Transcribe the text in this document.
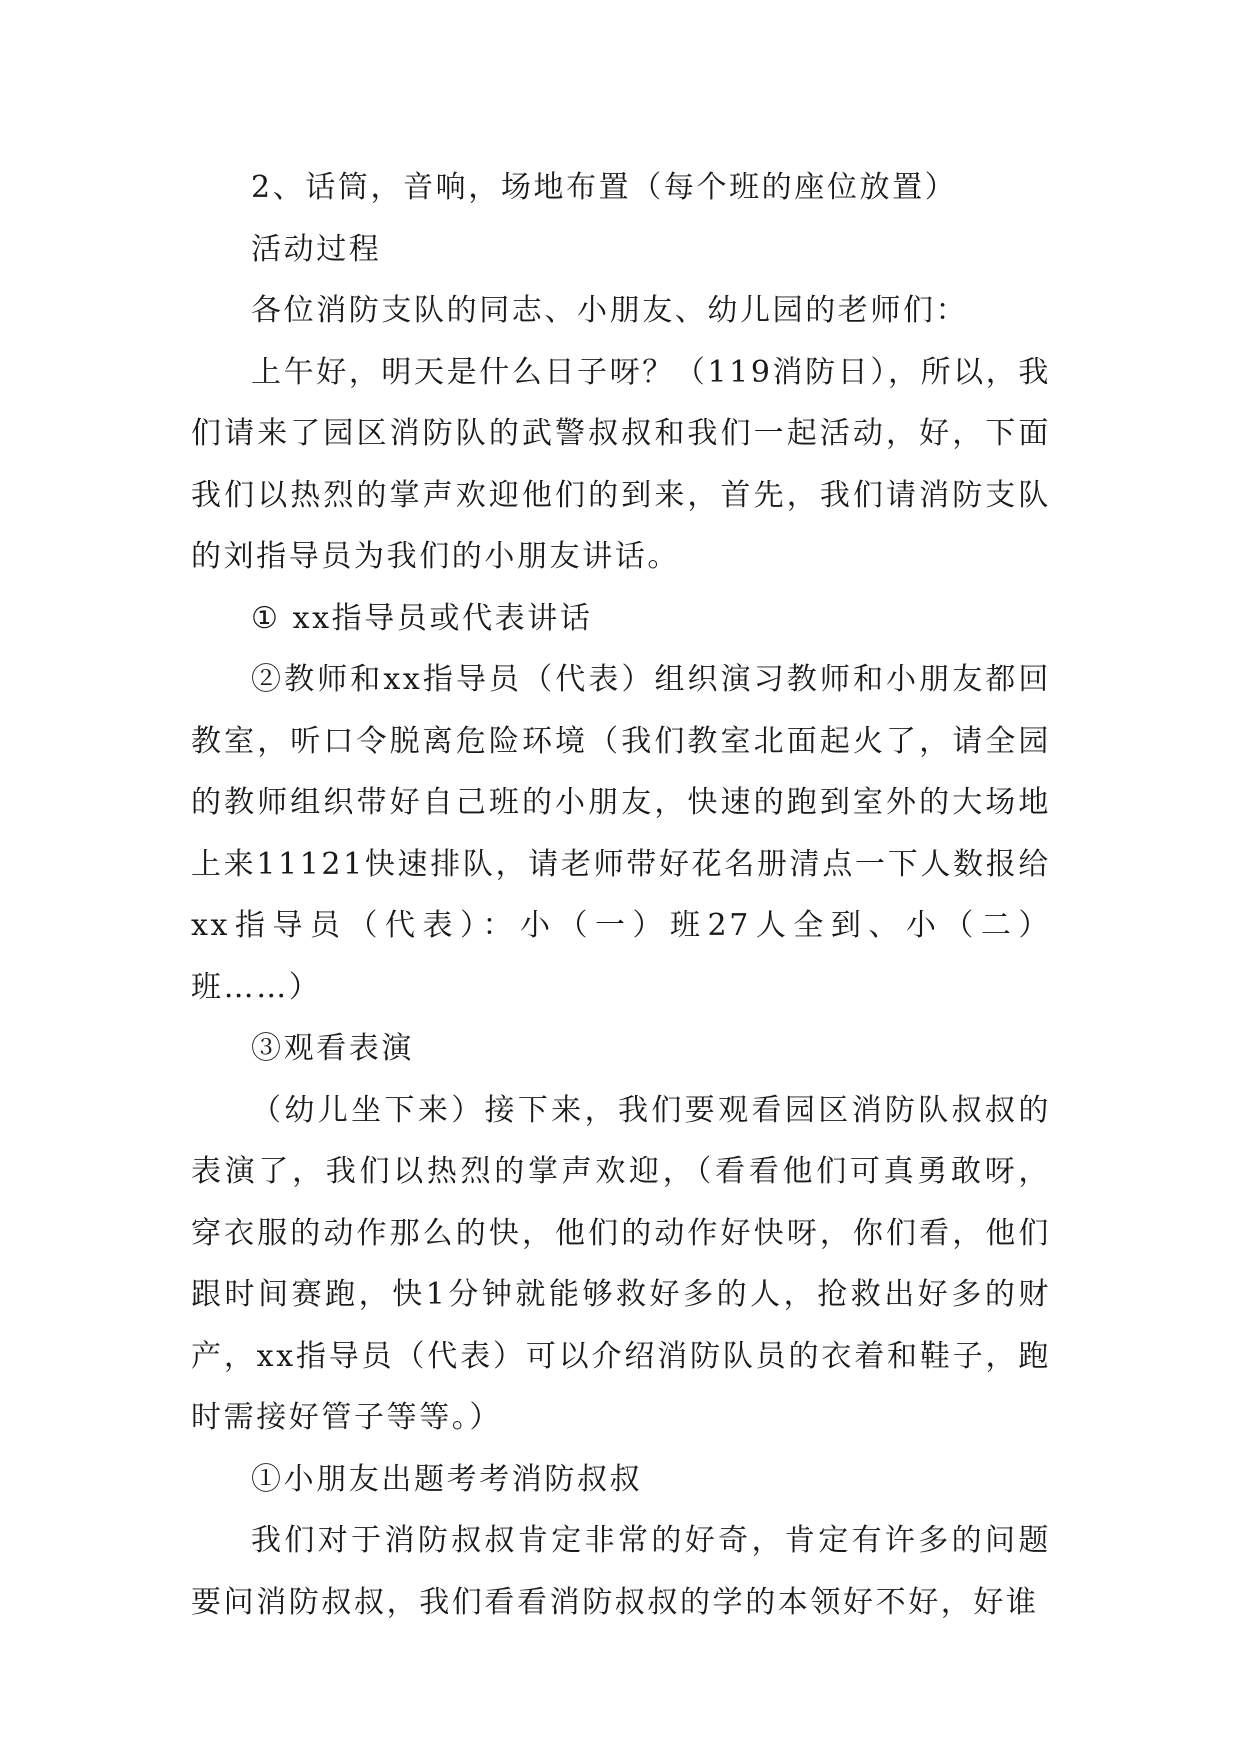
2、话筒，音响，场地布置（每个班的座位放置）

活动过程

各位消防支队的同志、小朋友、幼儿园的老师们：

上午好，明天是什么日子呀？（119消防日），所以，我们请来了园区消防队的武警叔叔和我们一起活动，好，下面我们以热烈的掌声欢迎他们的到来，首先，我们请消防支队的刘指导员为我们的小朋友讲话。

① xx指导员或代表讲话

②教师和xx指导员（代表）组织演习教师和小朋友都回教室，听口令脱离危险环境（我们教室北面起火了，请全园的教师组织带好自己班的小朋友，快速的跑到室外的大场地上来11121快速排队，请老师带好花名册清点一下人数报给xx指导员（代表）：小（一）班27人全到、小（二）班……）

③观看表演

（幼儿坐下来）接下来，我们要观看园区消防队叔叔的表演了，我们以热烈的掌声欢迎，（看看他们可真勇敢呀，穿衣服的动作那么的快，他们的动作好快呀，你们看，他们跟时间赛跑，快1分钟就能够救好多的人，抢救出好多的财产，xx指导员（代表）可以介绍消防队员的衣着和鞋子，跑时需接好管子等等。）

①小朋友出题考考消防叔叔

我们对于消防叔叔肯定非常的好奇，肯定有许多的问题要问消防叔叔，我们看看消防叔叔的学的本领好不好，好谁
